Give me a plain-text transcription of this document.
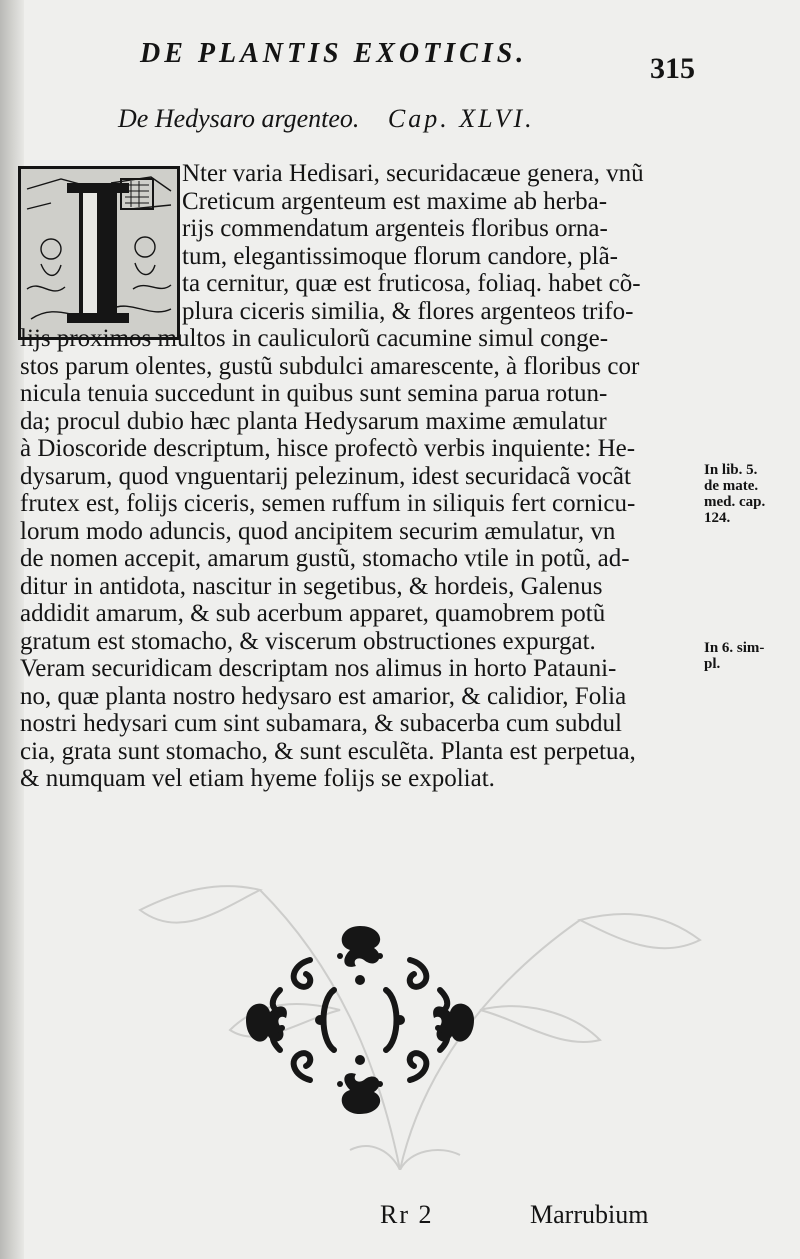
DE PLANTIS EXOTICIS.	315
De Hedysaro argenteo. Cap. XLVI.
Nter varia Hedisari, securidacæue genera, vnũ
Creticum argenteum est maxime ab herba-
rijs commendatum argenteis floribus orna-
tum, elegantissimoque florum candore, plã-
ta cernitur, quæ est fruticosa, foliaq. habet cõ-
plura ciceris similia, & flores argenteos trifo-
lijs proximos multos in cauliculorũ cacumine simul conge-
stos parum olentes, gustũ subdulci amarescente, à floribus cor
nicula tenuia succedunt in quibus sunt semina parua rotun-
da; procul dubio hæc planta Hedysarum maxime æmulatur
à Dioscoride descriptum, hisce profectò verbis inquiente: He-
dysarum, quod vnguentarij pelezinum, idest securidacã vocãt
frutex est, folijs ciceris, semen ruffum in siliquis fert cornicu-
lorum modo aduncis, quod ancipitem securim æmulatur, vn
de nomen accepit, amarum gustũ, stomacho vtile in potũ, ad-
ditur in antidota, nascitur in segetibus, & hordeis, Galenus
addidit amarum, & sub acerbum apparet, quamobrem potũ
gratum est stomacho, & viscerum obstructiones expurgat.
Veram securidicam descriptam nos alimus in horto Patauni-
no, quæ planta nostro hedysaro est amarior, & calidior, Folia
nostri hedysari cum sint subamara, & subacerba cum subdul
cia, grata sunt stomacho, & sunt esculẽta. Planta est perpetua,
& numquam vel etiam hyeme folijs se expoliat.
In lib. 5.
de mate.
med. cap.
124.
In 6. sim-
pl.
Rr 2	Marrubium
